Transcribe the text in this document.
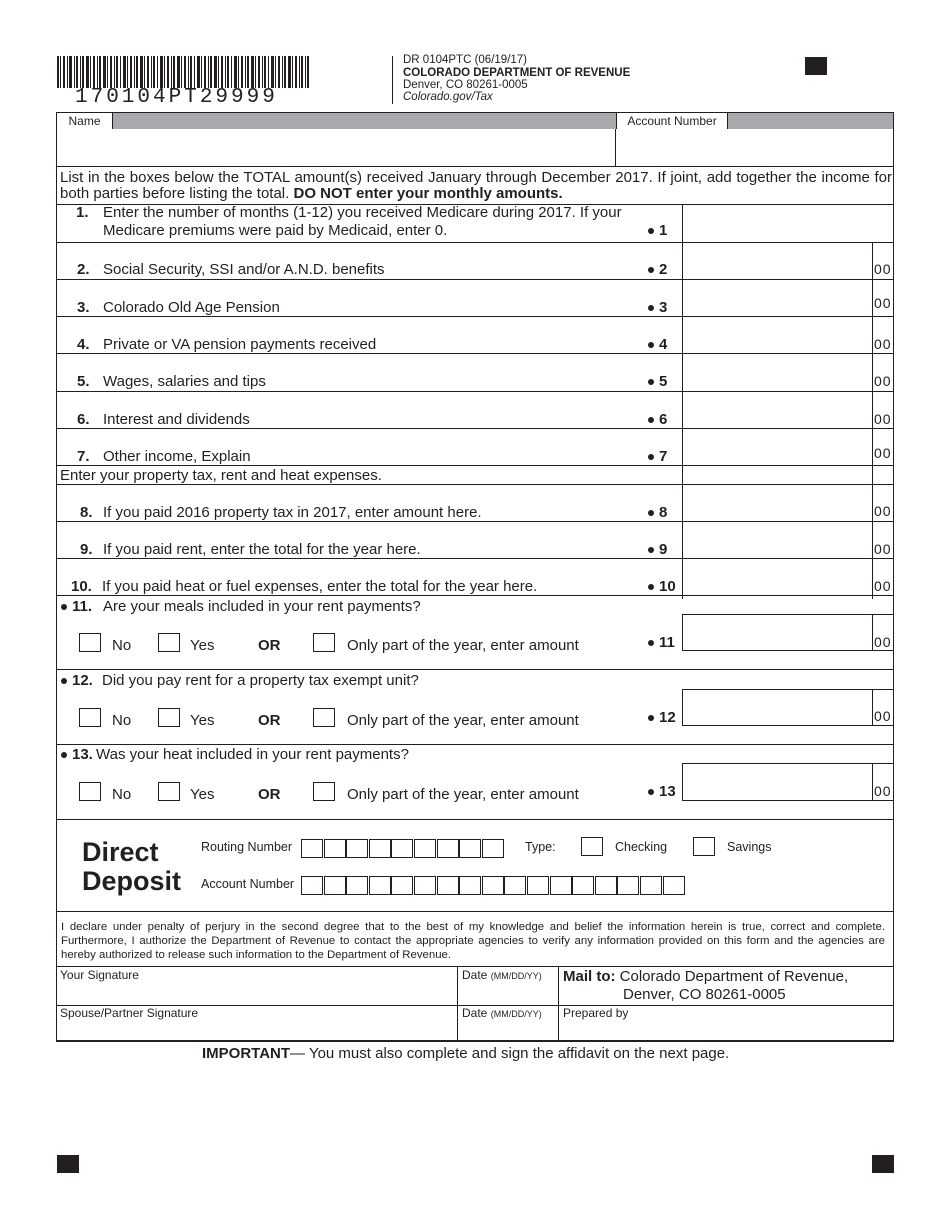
170104PT29999
DR 0104PTC (06/19/17)
COLORADO DEPARTMENT OF REVENUE
Denver, CO 80261-0005
Colorado.gov/Tax
Name	Account Number
List in the boxes below the TOTAL amount(s) received January through December 2017. If joint, add together the income for both parties before listing the total. DO NOT enter your monthly amounts.
1. Enter the number of months (1-12) you received Medicare during 2017. If your
Medicare premiums were paid by Medicaid, enter 0.	1
2. Social Security, SSI and/or A.N.D. benefits	2	00
3. Colorado Old Age Pension	3	00
4. Private or VA pension payments received	4	00
5. Wages, salaries and tips	5	00
6. Interest and dividends	6	00
7. Other income, Explain	7	00
Enter your property tax, rent and heat expenses.
8. If you paid 2016 property tax in 2017, enter amount here.	8	00
9. If you paid rent, enter the total for the year here.	9	00
10. If you paid heat or fuel expenses, enter the total for the year here.	10	00
11. Are your meals included in your rent payments?
No	Yes	OR	Only part of the year, enter amount	11	00
12. Did you pay rent for a property tax exempt unit?
No	Yes	OR	Only part of the year, enter amount	12	00
13. Was your heat included in your rent payments?
No	Yes	OR	Only part of the year, enter amount	13	00
Direct
Deposit
Routing Number	Type:	Checking	Savings
Account Number
I declare under penalty of perjury in the second degree that to the best of my knowledge and belief the information herein is true, correct and complete. Furthermore, I authorize the Department of Revenue to contact the appropriate agencies to verify any information provided on this form and the agencies are hereby authorized to release such information to the Department of Revenue.
Your Signature	Date (MM/DD/YY) Mail to: Colorado Department of Revenue,
Denver, CO 80261-0005
Spouse/Partner Signature	Date (MM/DD/YY) Prepared by
IMPORTANT— You must also complete and sign the affidavit on the next page.
